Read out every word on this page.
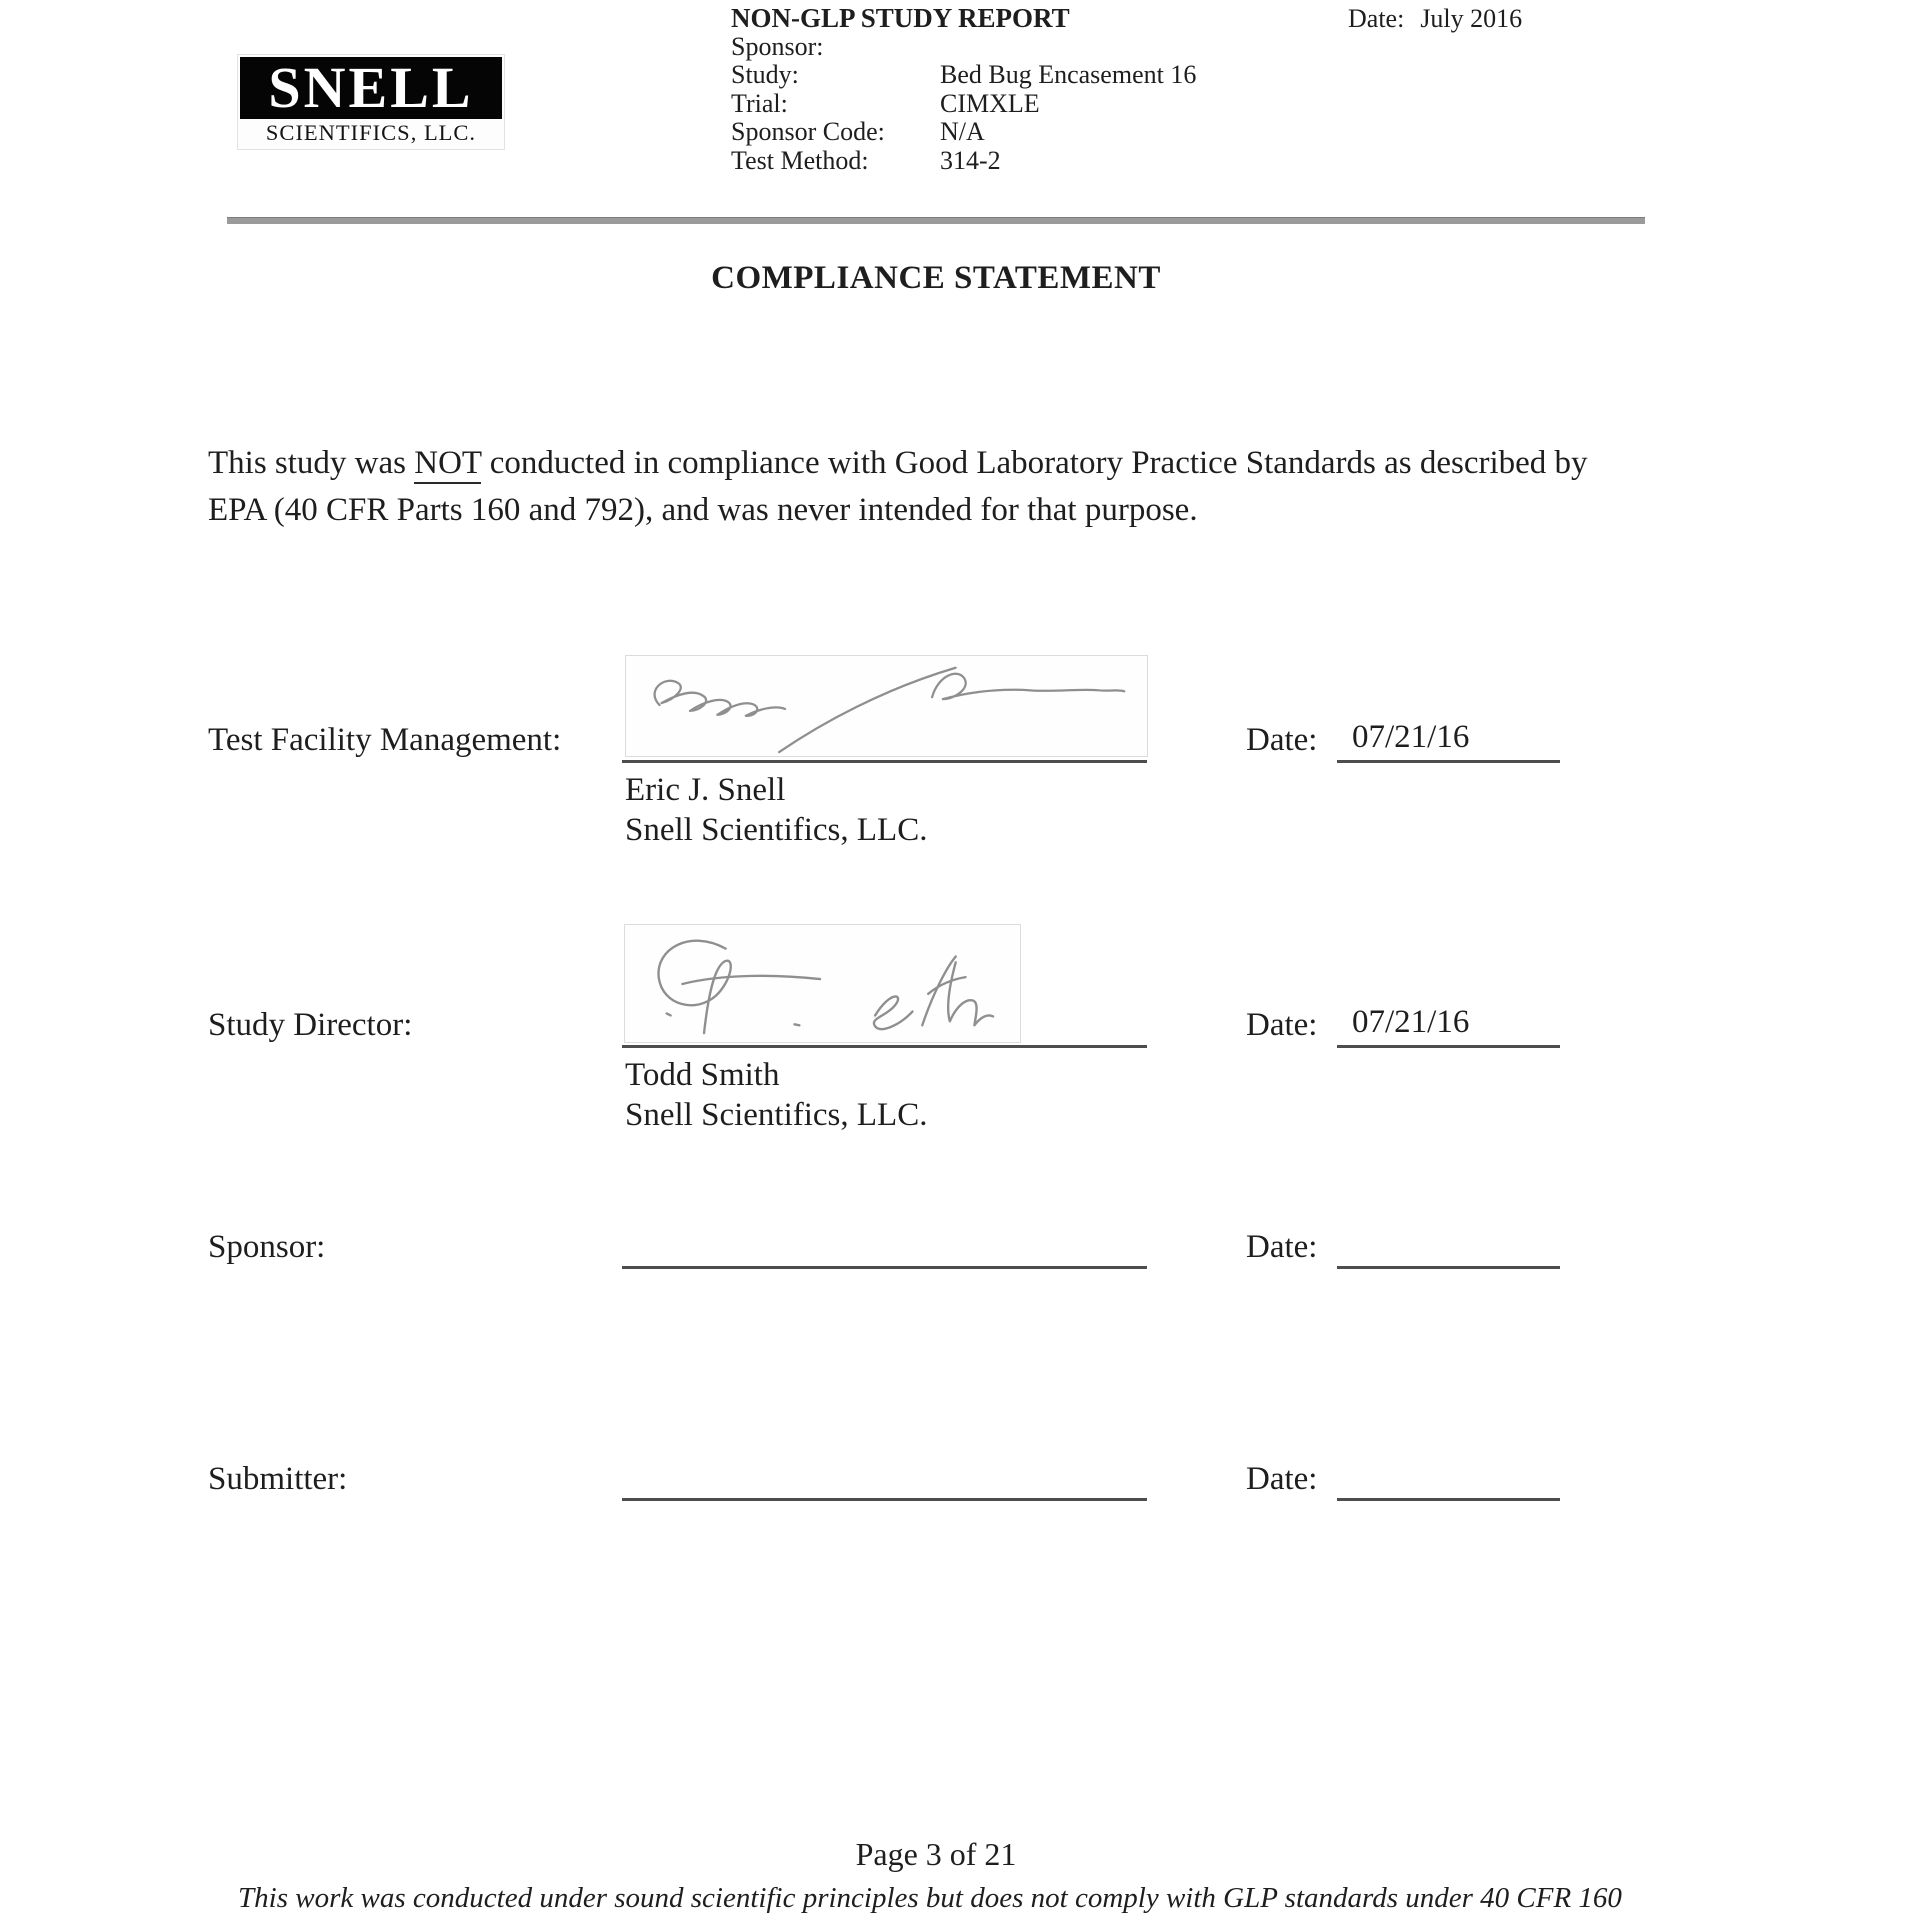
SNELL
SCIENTIFICS, LLC.
NON-GLP STUDY REPORT
Sponsor:
Study:	Bed Bug Encasement 16
Trial:	CIMXLE
Sponsor Code: N/A
Test Method:	314-2
Date: July 2016
COMPLIANCE STATEMENT
This study was NOT conducted in compliance with Good Laboratory Practice Standards as described by
EPA (40 CFR Parts 160 and 792), and was never intended for that purpose.
Test Facility Management:	Date: 07/21/16
Eric J. Snell
Snell Scientifics, LLC.
Study Director:	Date: 07/21/16
Todd Smith
Snell Scientifics, LLC.
Sponsor:	Date:
Submitter:	Date:
Page 3 of 21
This work was conducted under sound scientific principles but does not comply with GLP standards under 40 CFR 160
